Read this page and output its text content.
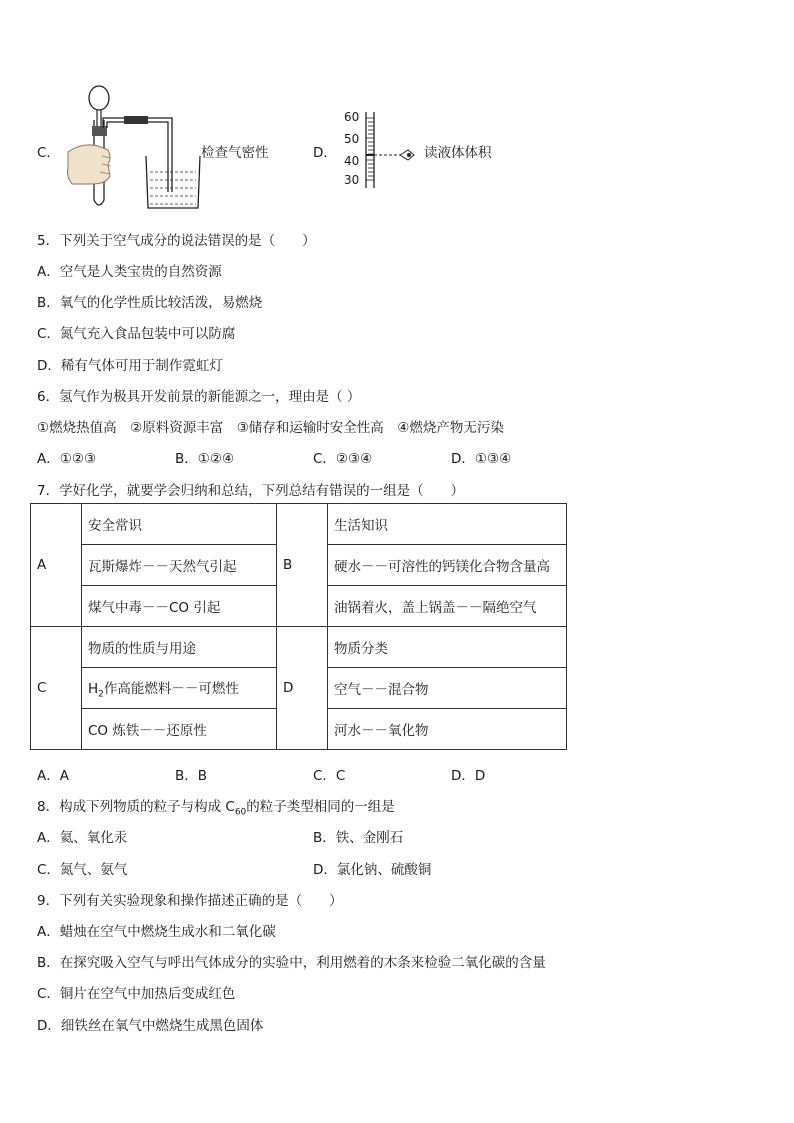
C．	检查气密性	D．
60
50
40
30
读液体体积
5．下列关于空气成分的说法错误的是（　　）
A．空气是人类宝贵的自然资源
B．氧气的化学性质比较活泼，易燃烧
C．氮气充入食品包装中可以防腐
D．稀有气体可用于制作霓虹灯
6．氢气作为极具开发前景的新能源之一，理由是（ ）
①燃烧热值高　②原料资源丰富　③储存和运输时安全性高　④燃烧产物无污染
A．①②③	B．①②④	C．②③④	D．①③④
7．学好化学，就要学会归纳和总结，下列总结有错误的一组是（　　）
A	安全常识	B	生活知识
	瓦斯爆炸－－天然气引起		硬水－－可溶性的钙镁化合物含量高
	煤气中毒－－CO 引起		油锅着火，盖上锅盖－－隔绝空气
C	物质的性质与用途	D	物质分类
	$H_2$作高能燃料－－可燃性		空气－－混合物
	CO 炼铁－－还原性		河水－－氧化物
A．A	B．B	C．C	D．D
8．构成下列物质的粒子与构成 $C_{60}$的粒子类型相同的一组是
A．氦、氧化汞	B．铁、金刚石
C．氮气、氨气	D．氯化钠、硫酸铜
9．下列有关实验现象和操作描述正确的是（　　）
A．蜡烛在空气中燃烧生成水和二氧化碳
B．在探究吸入空气与呼出气体成分的实验中，利用燃着的木条来检验二氧化碳的含量
C．铜片在空气中加热后变成红色
D．细铁丝在氧气中燃烧生成黑色固体
